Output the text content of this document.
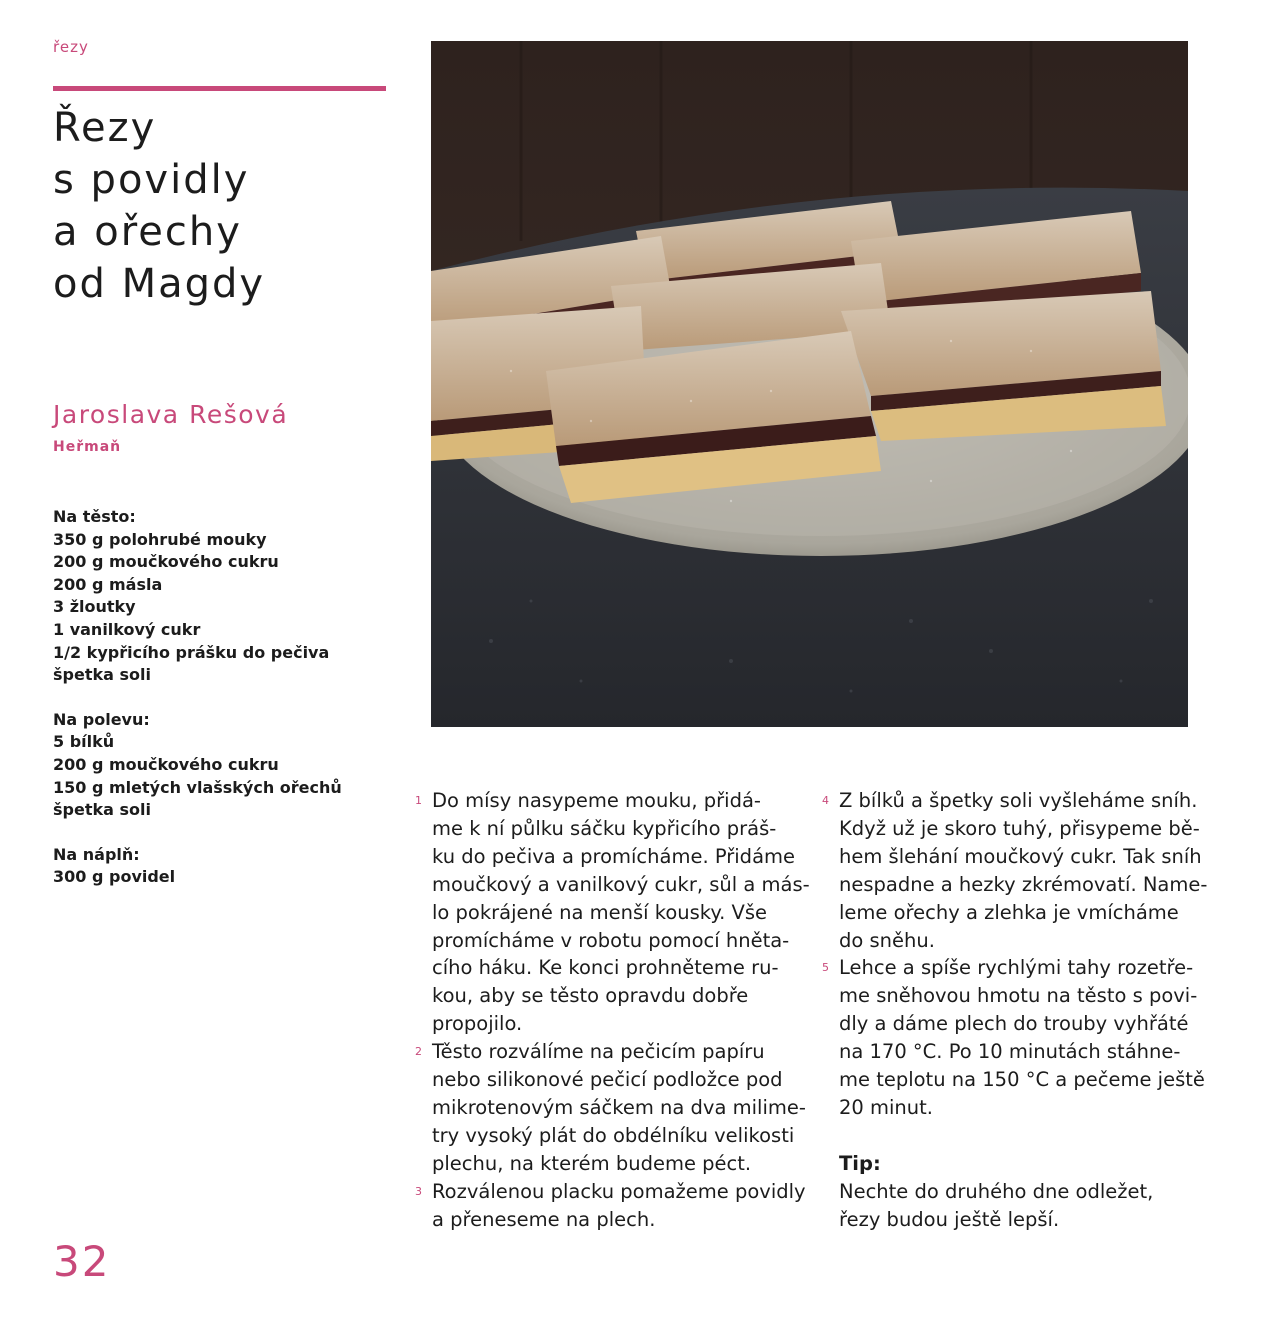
řezy
Řezy
s povidly
a ořechy
od Magdy
Jaroslava Rešová
Heřmaň
Na těsto:
350 g polohrubé mouky
200 g moučkového cukru
200 g másla
3 žloutky
1 vanilkový cukr
1/2 kypřicího prášku do pečiva
špetka soli
Na polevu:
5 bílků
200 g moučkového cukru
150 g mletých vlašských ořechů
špetka soli
Na náplň:
300 g povidel
1 Do mísy nasypeme mouku, přidá-
me k ní půlku sáčku kypřicího práš-
ku do pečiva a promícháme. Přidáme
moučkový a vanilkový cukr, sůl a más-
lo pokrájené na menší kousky. Vše
promícháme v robotu pomocí hněta-
cího háku. Ke konci prohněteme ru-
kou, aby se těsto opravdu dobře
propojilo.
2 Těsto rozválíme na pečicím papíru
nebo silikonové pečicí podložce pod
mikrotenovým sáčkem na dva milime-
try vysoký plát do obdélníku velikosti
plechu, na kterém budeme péct.
3 Rozválenou placku pomažeme povidly
a přeneseme na plech.
4 Z bílků a špetky soli vyšleháme sníh.
Když už je skoro tuhý, přisypeme bě-
hem šlehání moučkový cukr. Tak sníh
nespadne a hezky zkrémovatí. Name-
leme ořechy a zlehka je vmícháme
do sněhu.
5 Lehce a spíše rychlými tahy rozetře-
me sněhovou hmotu na těsto s povi-
dly a dáme plech do trouby vyhřáté
na 170 °C. Po 10 minutách stáhne-
me teplotu na 150 °C a pečeme ještě
20 minut.
Tip:
Nechte do druhého dne odležet,
řezy budou ještě lepší.
32
